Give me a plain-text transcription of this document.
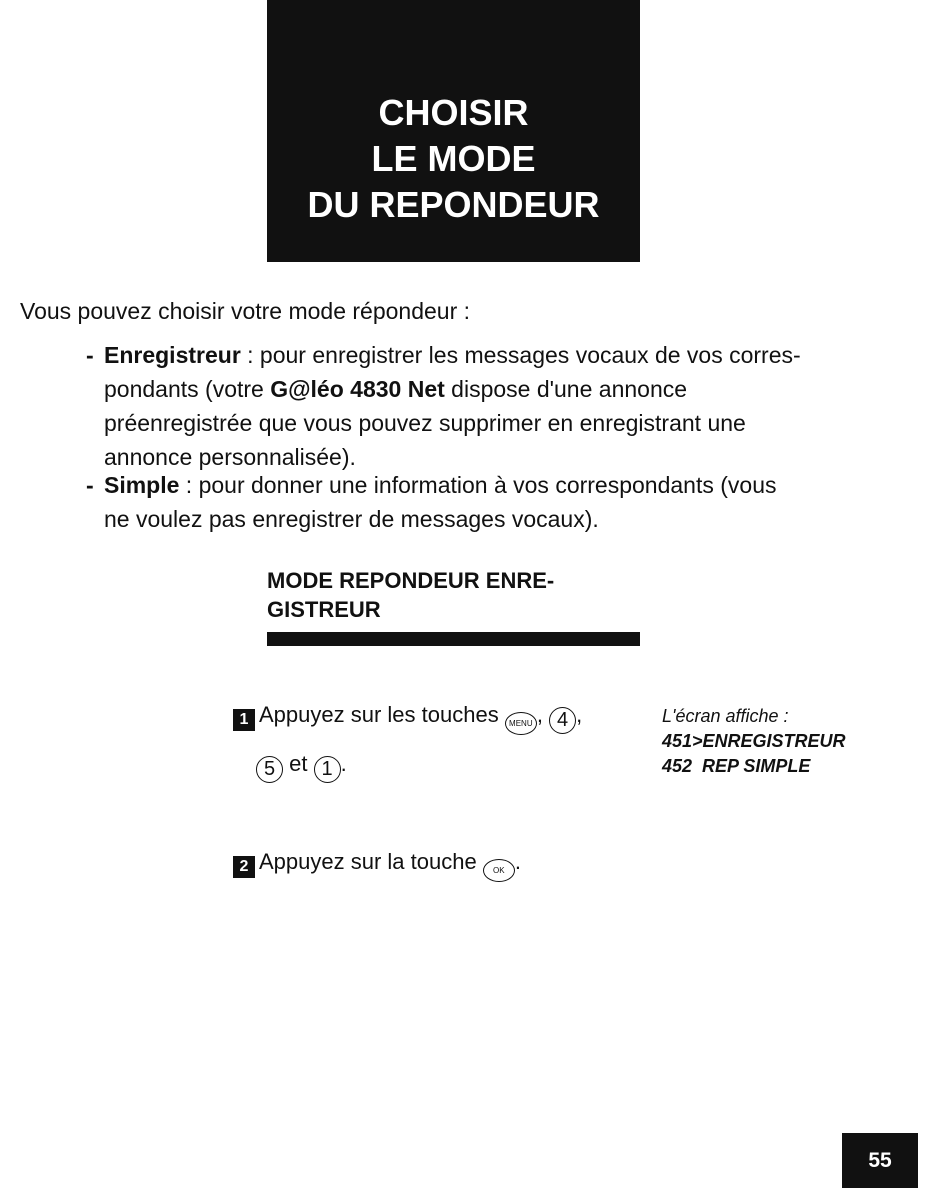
CHOISIR
LE MODE
DU REPONDEUR
Vous pouvez choisir votre mode répondeur :
- Enregistreur : pour enregistrer les messages vocaux de vos corres-
pondants (votre G@léo 4830 Net dispose d'une annonce
préenregistrée que vous pouvez supprimer en enregistrant une
annonce personnalisée).
- Simple : pour donner une information à vos correspondants (vous
ne voulez pas enregistrer de messages vocaux).
MODE REPONDEUR ENRE-
GISTREUR
1 Appuyez sur les touches MENU , 4 ,
5 et 1 .
L'écran affiche :
451>ENREGISTREUR
452  REP SIMPLE
2 Appuyez sur la touche OK .
55
